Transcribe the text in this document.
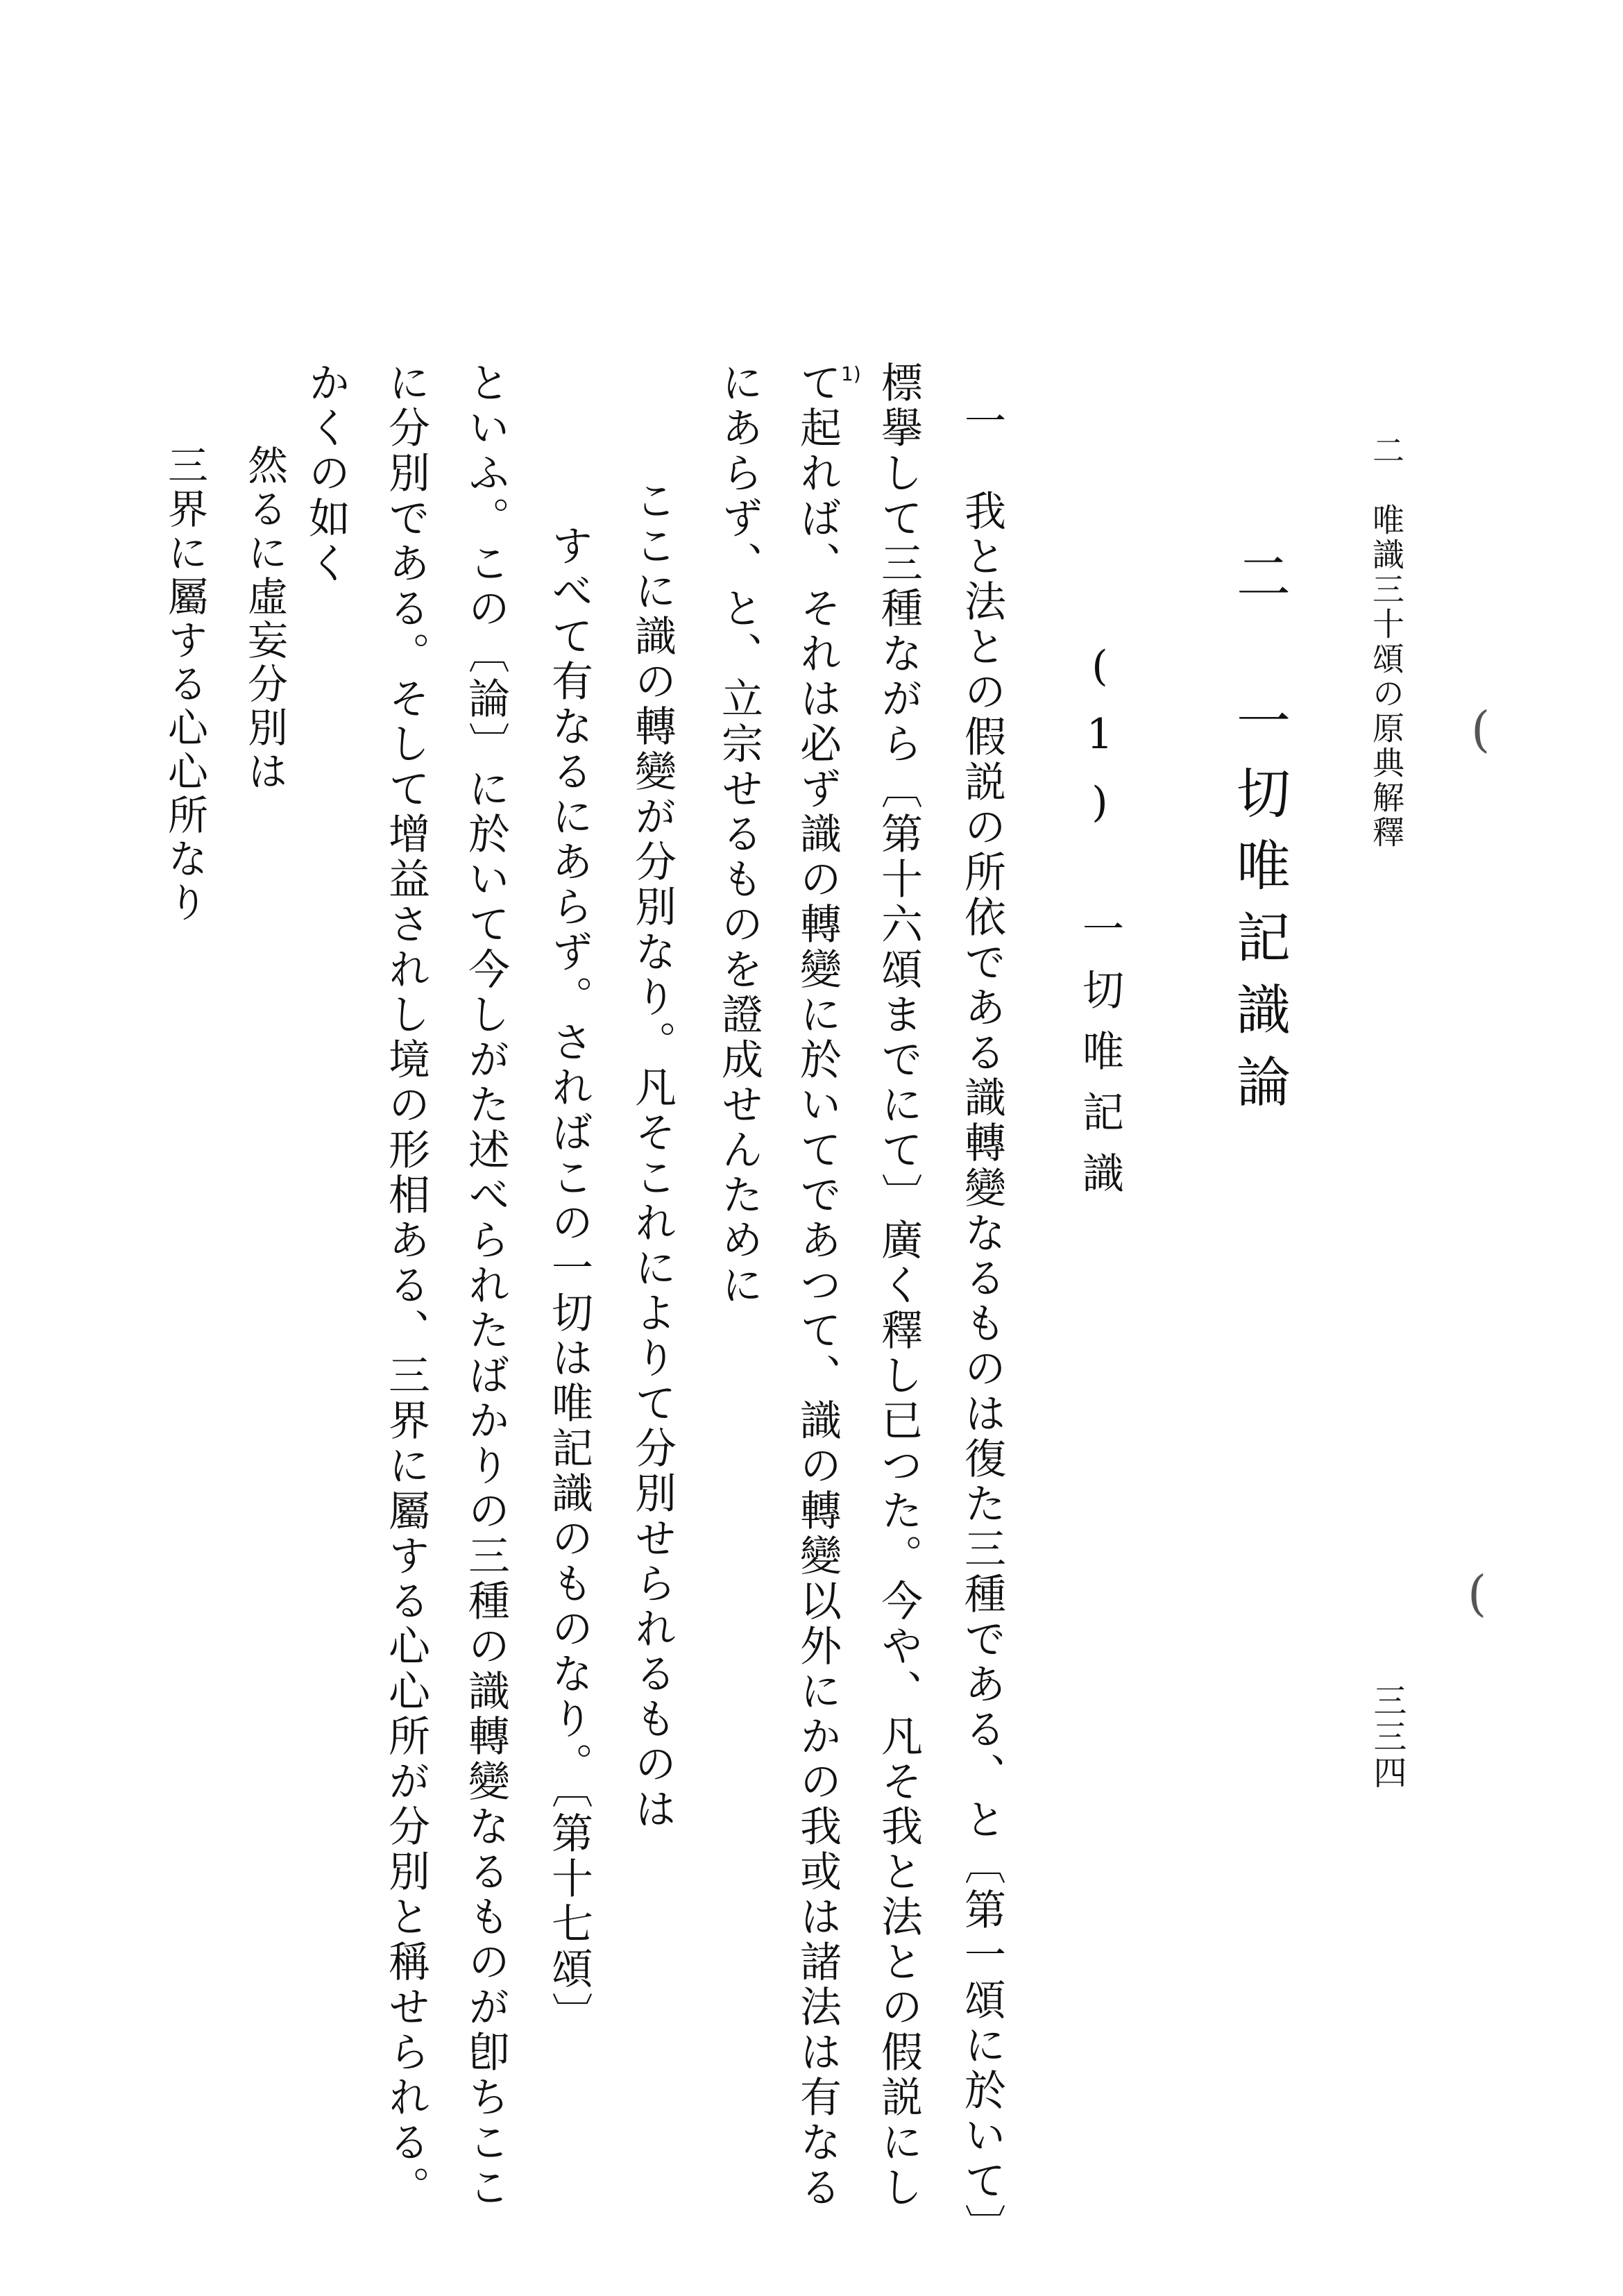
二　唯識三十頌の原典解釋
三三四
二　一切唯記識論
(1)　一切唯記識
一　我と法との假説の所依である識轉變なるものは復た三種である、と〔第一頌に於いて〕
標擧して三種ながら〔第十六頌までにて〕廣く釋し已つた。今や、凡そ我と法との假説にし
て起れば、それは必ず識の轉變に於いてであつて、識の轉變以外にかの我或は諸法は有なる
にあらず、と、立宗せるものを證成せんために
ここに識の轉變が分別なり。凡そこれによりて分別せられるものは
すべて有なるにあらず。さればこの一切は唯記識のものなり。〔第十七頌〕
といふ。この〔論〕に於いて今しがた述べられたばかりの三種の識轉變なるものが卽ちここ
に分別である。そして增益されし境の形相ある、三界に屬する心心所が分別と稱せられる。
かくの如く
然るに虛妄分別は
三界に屬する心心所なり
1)
(
(
